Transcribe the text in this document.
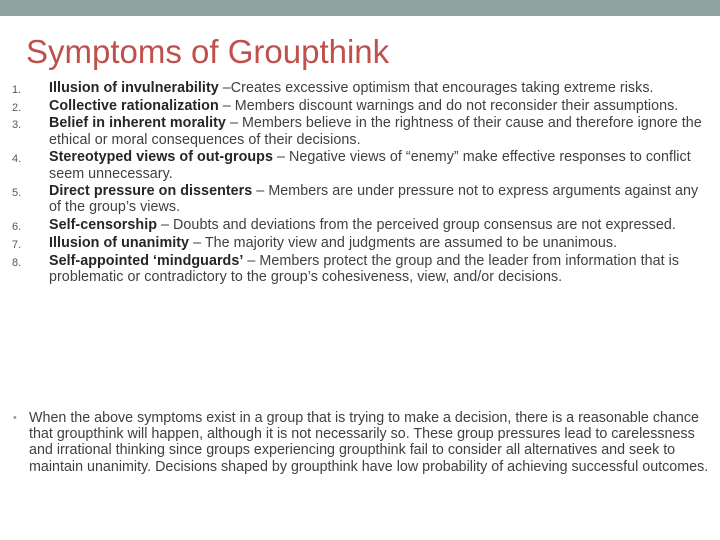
Symptoms of Groupthink
1.	Illusion of invulnerability –Creates excessive optimism that encourages taking extreme risks.
2.	Collective rationalization – Members discount warnings and do not reconsider their assumptions.
3.	Belief in inherent morality – Members believe in the rightness of their cause and therefore ignore the ethical or moral consequences of their decisions.
4.	Stereotyped views of out-groups – Negative views of “enemy” make effective responses to conflict seem unnecessary.
5.	Direct pressure on dissenters – Members are under pressure not to express arguments against any of the group’s views.
6.	Self-censorship – Doubts and deviations from the perceived group consensus are not expressed.
7.	Illusion of unanimity – The majority view and judgments are assumed to be unanimous.
8.	Self-appointed ‘mindguards’ – Members protect the group and the leader from information that is problematic or contradictory to the group’s cohesiveness, view, and/or decisions.
• When the above symptoms exist in a group that is trying to make a decision, there is a reasonable chance that groupthink will happen, although it is not necessarily so. These group pressures lead to carelessness and irrational thinking since groups experiencing groupthink fail to consider all alternatives and seek to maintain unanimity. Decisions shaped by groupthink have low probability of achieving successful outcomes.
